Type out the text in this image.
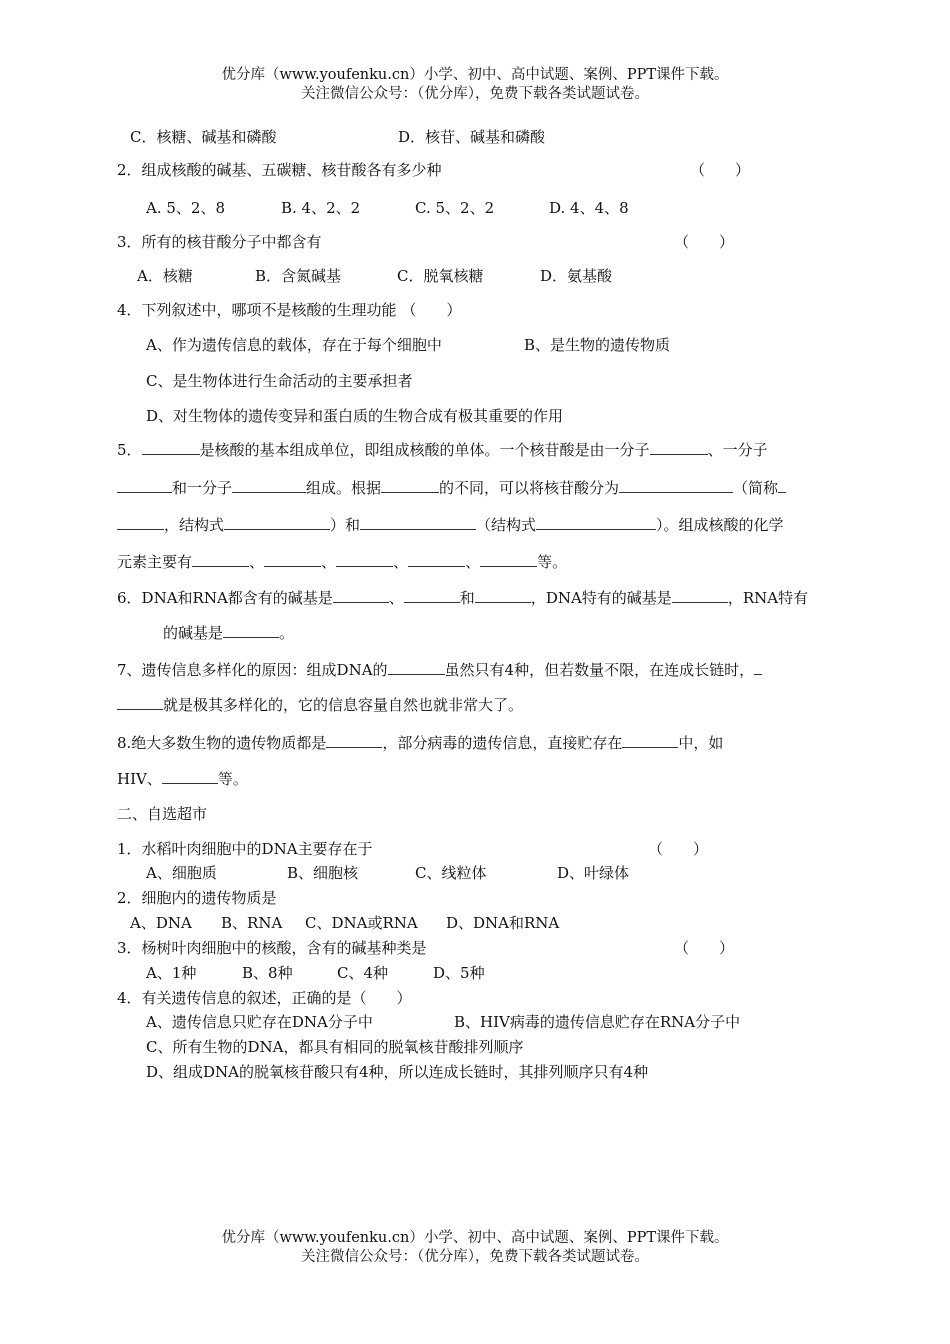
优分库（www.youfenku.cn）小学、初中、高中试题、案例、PPT课件下载。
关注微信公众号：（优分库），免费下载各类试题试卷。
C．核糖、碱基和磷酸	D．核苷、碱基和磷酸
2．组成核酸的碱基、五碳糖、核苷酸各有多少种	（　　）
A. 5、2、8	B. 4、2、2	C. 5、2、2	D. 4、4、8
3．所有的核苷酸分子中都含有	（　　）
A．核糖	B．含氮碱基	C．脱氧核糖	D．氨基酸
4．下列叙述中，哪项不是核酸的生理功能 （　　）
A、作为遗传信息的载体，存在于每个细胞中	B、是生物的遗传物质
C、是生物体进行生命活动的主要承担者
D、对生物体的遗传变异和蛋白质的生物合成有极其重要的作用
5．	是核酸的基本组成单位，即组成核酸的单体。一个核苷酸是由一分子	、一分子
和一分子	组成。根据	的不同，可以将核苷酸分为	（简称
，结构式	）和	（结构式	）。组成核酸的化学
元素主要有	、	、	、	、	等。
6．DNA和RNA都含有的碱基是	、	和	，DNA特有的碱基是	，RNA特有
的碱基是	。
7、遗传信息多样化的原因：组成DNA的	虽然只有4种，但若数量不限，在连成长链时，
就是极其多样化的，它的信息容量自然也就非常大了。
8.绝大多数生物的遗传物质都是	，部分病毒的遗传信息，直接贮存在	中，如
HIV、	等。
二、自选超市
1．水稻叶肉细胞中的DNA主要存在于	（　　）
A、细胞质	B、细胞核	C、线粒体	D、叶绿体
2．细胞内的遗传物质是
A、DNA B、RNA C、DNA或RNA D、DNA和RNA
3．杨树叶肉细胞中的核酸，含有的碱基种类是	（　　）
A、1种	B、8种	C、4种	D、5种
4．有关遗传信息的叙述，正确的是（　　）
A、遗传信息只贮存在DNA分子中	B、HIV病毒的遗传信息贮存在RNA分子中
C、所有生物的DNA，都具有相同的脱氧核苷酸排列顺序
D、组成DNA的脱氧核苷酸只有4种，所以连成长链时，其排列顺序只有4种
优分库（www.youfenku.cn）小学、初中、高中试题、案例、PPT课件下载。
关注微信公众号：（优分库），免费下载各类试题试卷。
